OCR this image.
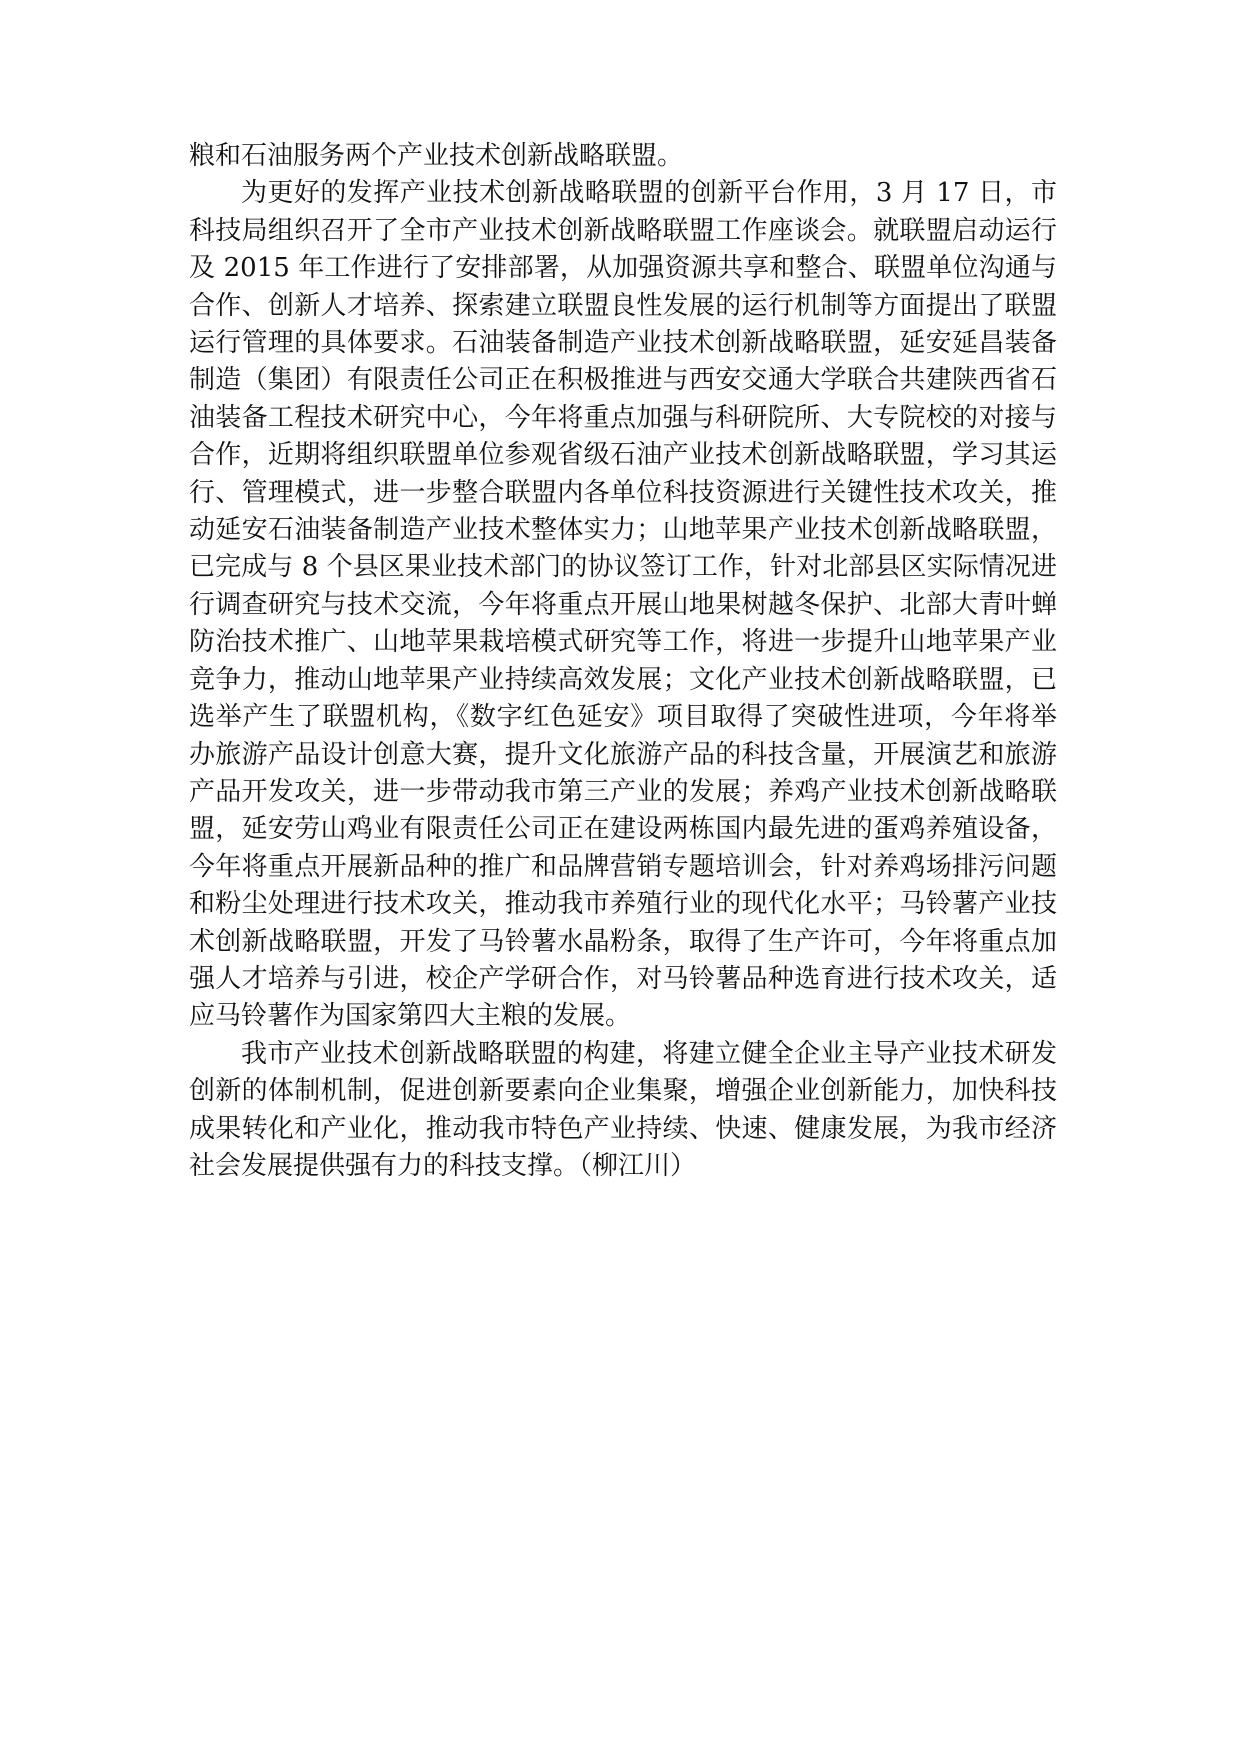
粮和石油服务两个产业技术创新战略联盟。

为更好的发挥产业技术创新战略联盟的创新平台作用，3 月 17 日，市科技局组织召开了全市产业技术创新战略联盟工作座谈会。就联盟启动运行及 2015 年工作进行了安排部署，从加强资源共享和整合、联盟单位沟通与合作、创新人才培养、探索建立联盟良性发展的运行机制等方面提出了联盟运行管理的具体要求。石油装备制造产业技术创新战略联盟，延安延昌装备制造（集团）有限责任公司正在积极推进与西安交通大学联合共建陕西省石油装备工程技术研究中心，今年将重点加强与科研院所、大专院校的对接与合作，近期将组织联盟单位参观省级石油产业技术创新战略联盟，学习其运行、管理模式，进一步整合联盟内各单位科技资源进行关键性技术攻关，推动延安石油装备制造产业技术整体实力；山地苹果产业技术创新战略联盟，已完成与 8 个县区果业技术部门的协议签订工作，针对北部县区实际情况进行调查研究与技术交流，今年将重点开展山地果树越冬保护、北部大青叶蝉防治技术推广、山地苹果栽培模式研究等工作，将进一步提升山地苹果产业竞争力，推动山地苹果产业持续高效发展；文化产业技术创新战略联盟，已选举产生了联盟机构，《数字红色延安》项目取得了突破性进项，今年将举办旅游产品设计创意大赛，提升文化旅游产品的科技含量，开展演艺和旅游产品开发攻关，进一步带动我市第三产业的发展；养鸡产业技术创新战略联盟，延安劳山鸡业有限责任公司正在建设两栋国内最先进的蛋鸡养殖设备，今年将重点开展新品种的推广和品牌营销专题培训会，针对养鸡场排污问题和粉尘处理进行技术攻关，推动我市养殖行业的现代化水平；马铃薯产业技术创新战略联盟，开发了马铃薯水晶粉条，取得了生产许可，今年将重点加强人才培养与引进，校企产学研合作，对马铃薯品种选育进行技术攻关，适应马铃薯作为国家第四大主粮的发展。

我市产业技术创新战略联盟的构建，将建立健全企业主导产业技术研发创新的体制机制，促进创新要素向企业集聚，增强企业创新能力，加快科技成果转化和产业化，推动我市特色产业持续、快速、健康发展，为我市经济社会发展提供强有力的科技支撑。（柳江川）
